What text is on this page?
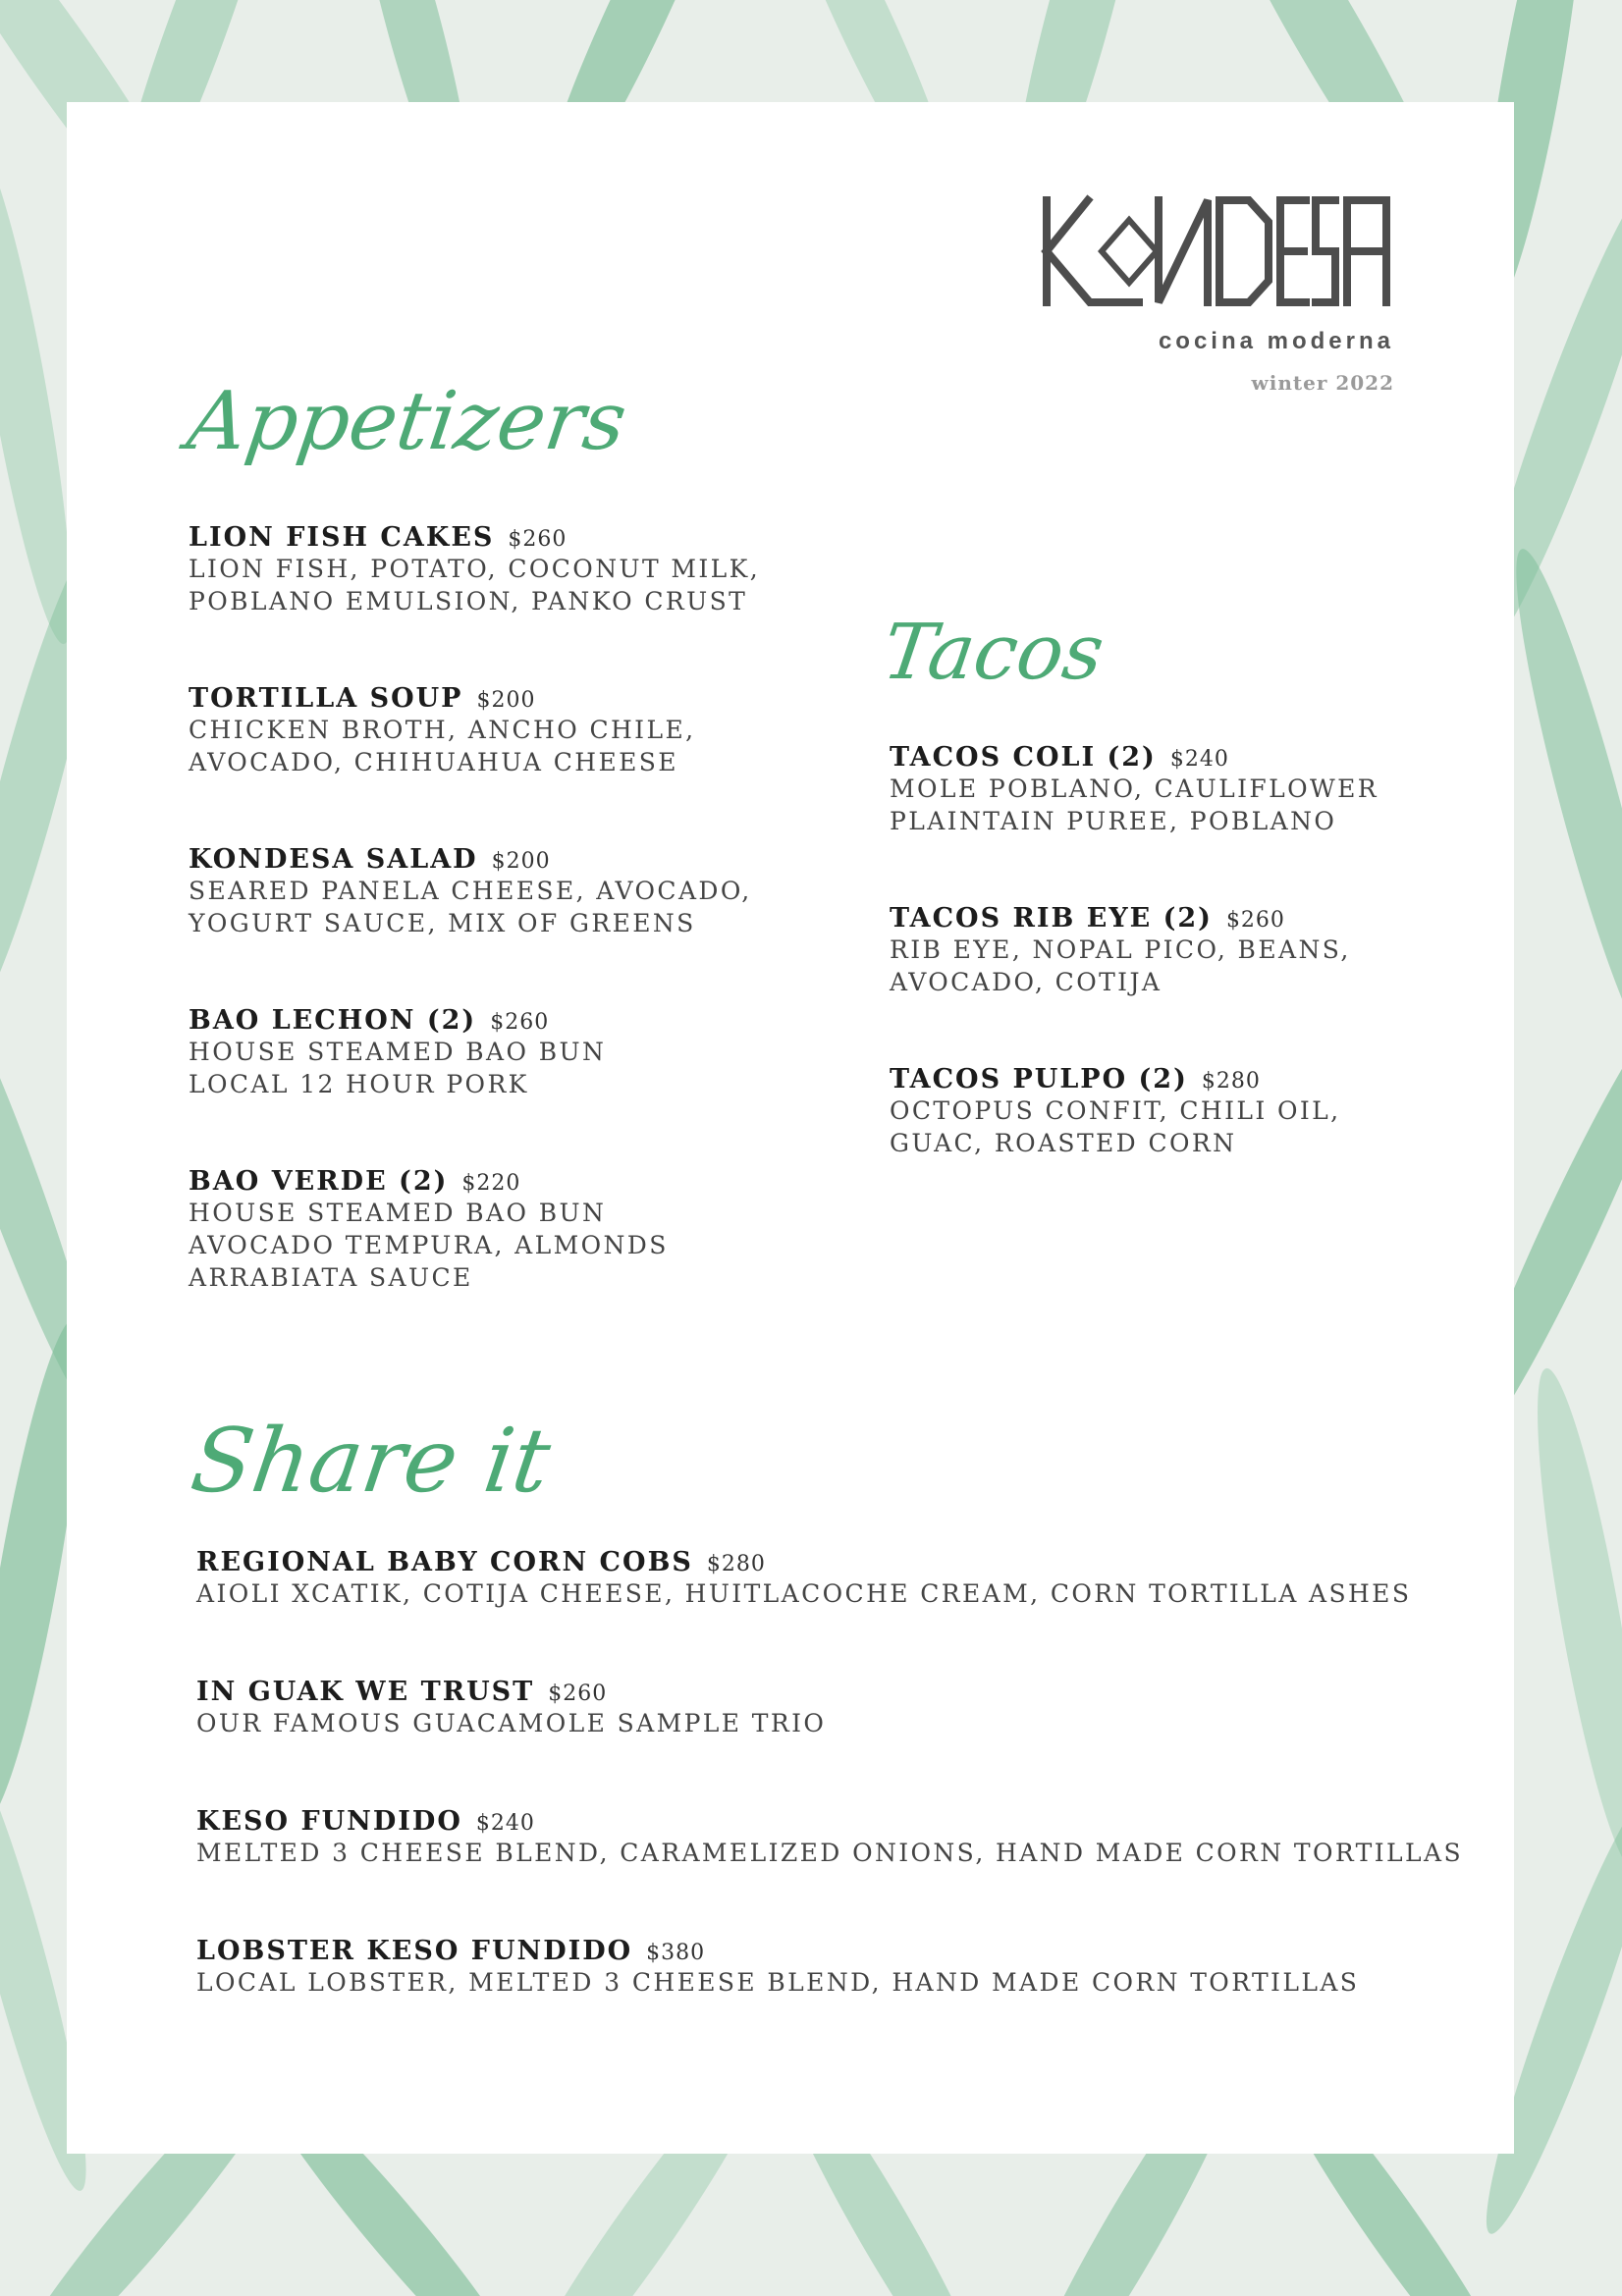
cocina moderna
winter 2022
Appetizers
Tacos
Share it
LION FISH CAKES $260
LION FISH, POTATO, COCONUT MILK,
POBLANO EMULSION, PANKO CRUST
TORTILLA SOUP $200
CHICKEN BROTH, ANCHO CHILE,
AVOCADO, CHIHUAHUA CHEESE
KONDESA SALAD $200
SEARED PANELA CHEESE, AVOCADO,
YOGURT SAUCE, MIX OF GREENS
BAO LECHON (2) $260
HOUSE STEAMED BAO BUN
LOCAL 12 HOUR PORK
BAO VERDE (2) $220
HOUSE STEAMED BAO BUN
AVOCADO TEMPURA, ALMONDS
ARRABIATA SAUCE
TACOS COLI (2) $240
MOLE POBLANO, CAULIFLOWER
PLAINTAIN PUREE, POBLANO
TACOS RIB EYE (2) $260
RIB EYE, NOPAL PICO, BEANS,
AVOCADO, COTIJA
TACOS PULPO (2) $280
OCTOPUS CONFIT, CHILI OIL,
GUAC, ROASTED CORN
REGIONAL BABY CORN COBS $280
AIOLI XCATIK, COTIJA CHEESE, HUITLACOCHE CREAM, CORN TORTILLA ASHES
IN GUAK WE TRUST $260
OUR FAMOUS GUACAMOLE SAMPLE TRIO
KESO FUNDIDO $240
MELTED 3 CHEESE BLEND, CARAMELIZED ONIONS, HAND MADE CORN TORTILLAS
LOBSTER KESO FUNDIDO $380
LOCAL LOBSTER, MELTED 3 CHEESE BLEND, HAND MADE CORN TORTILLAS
